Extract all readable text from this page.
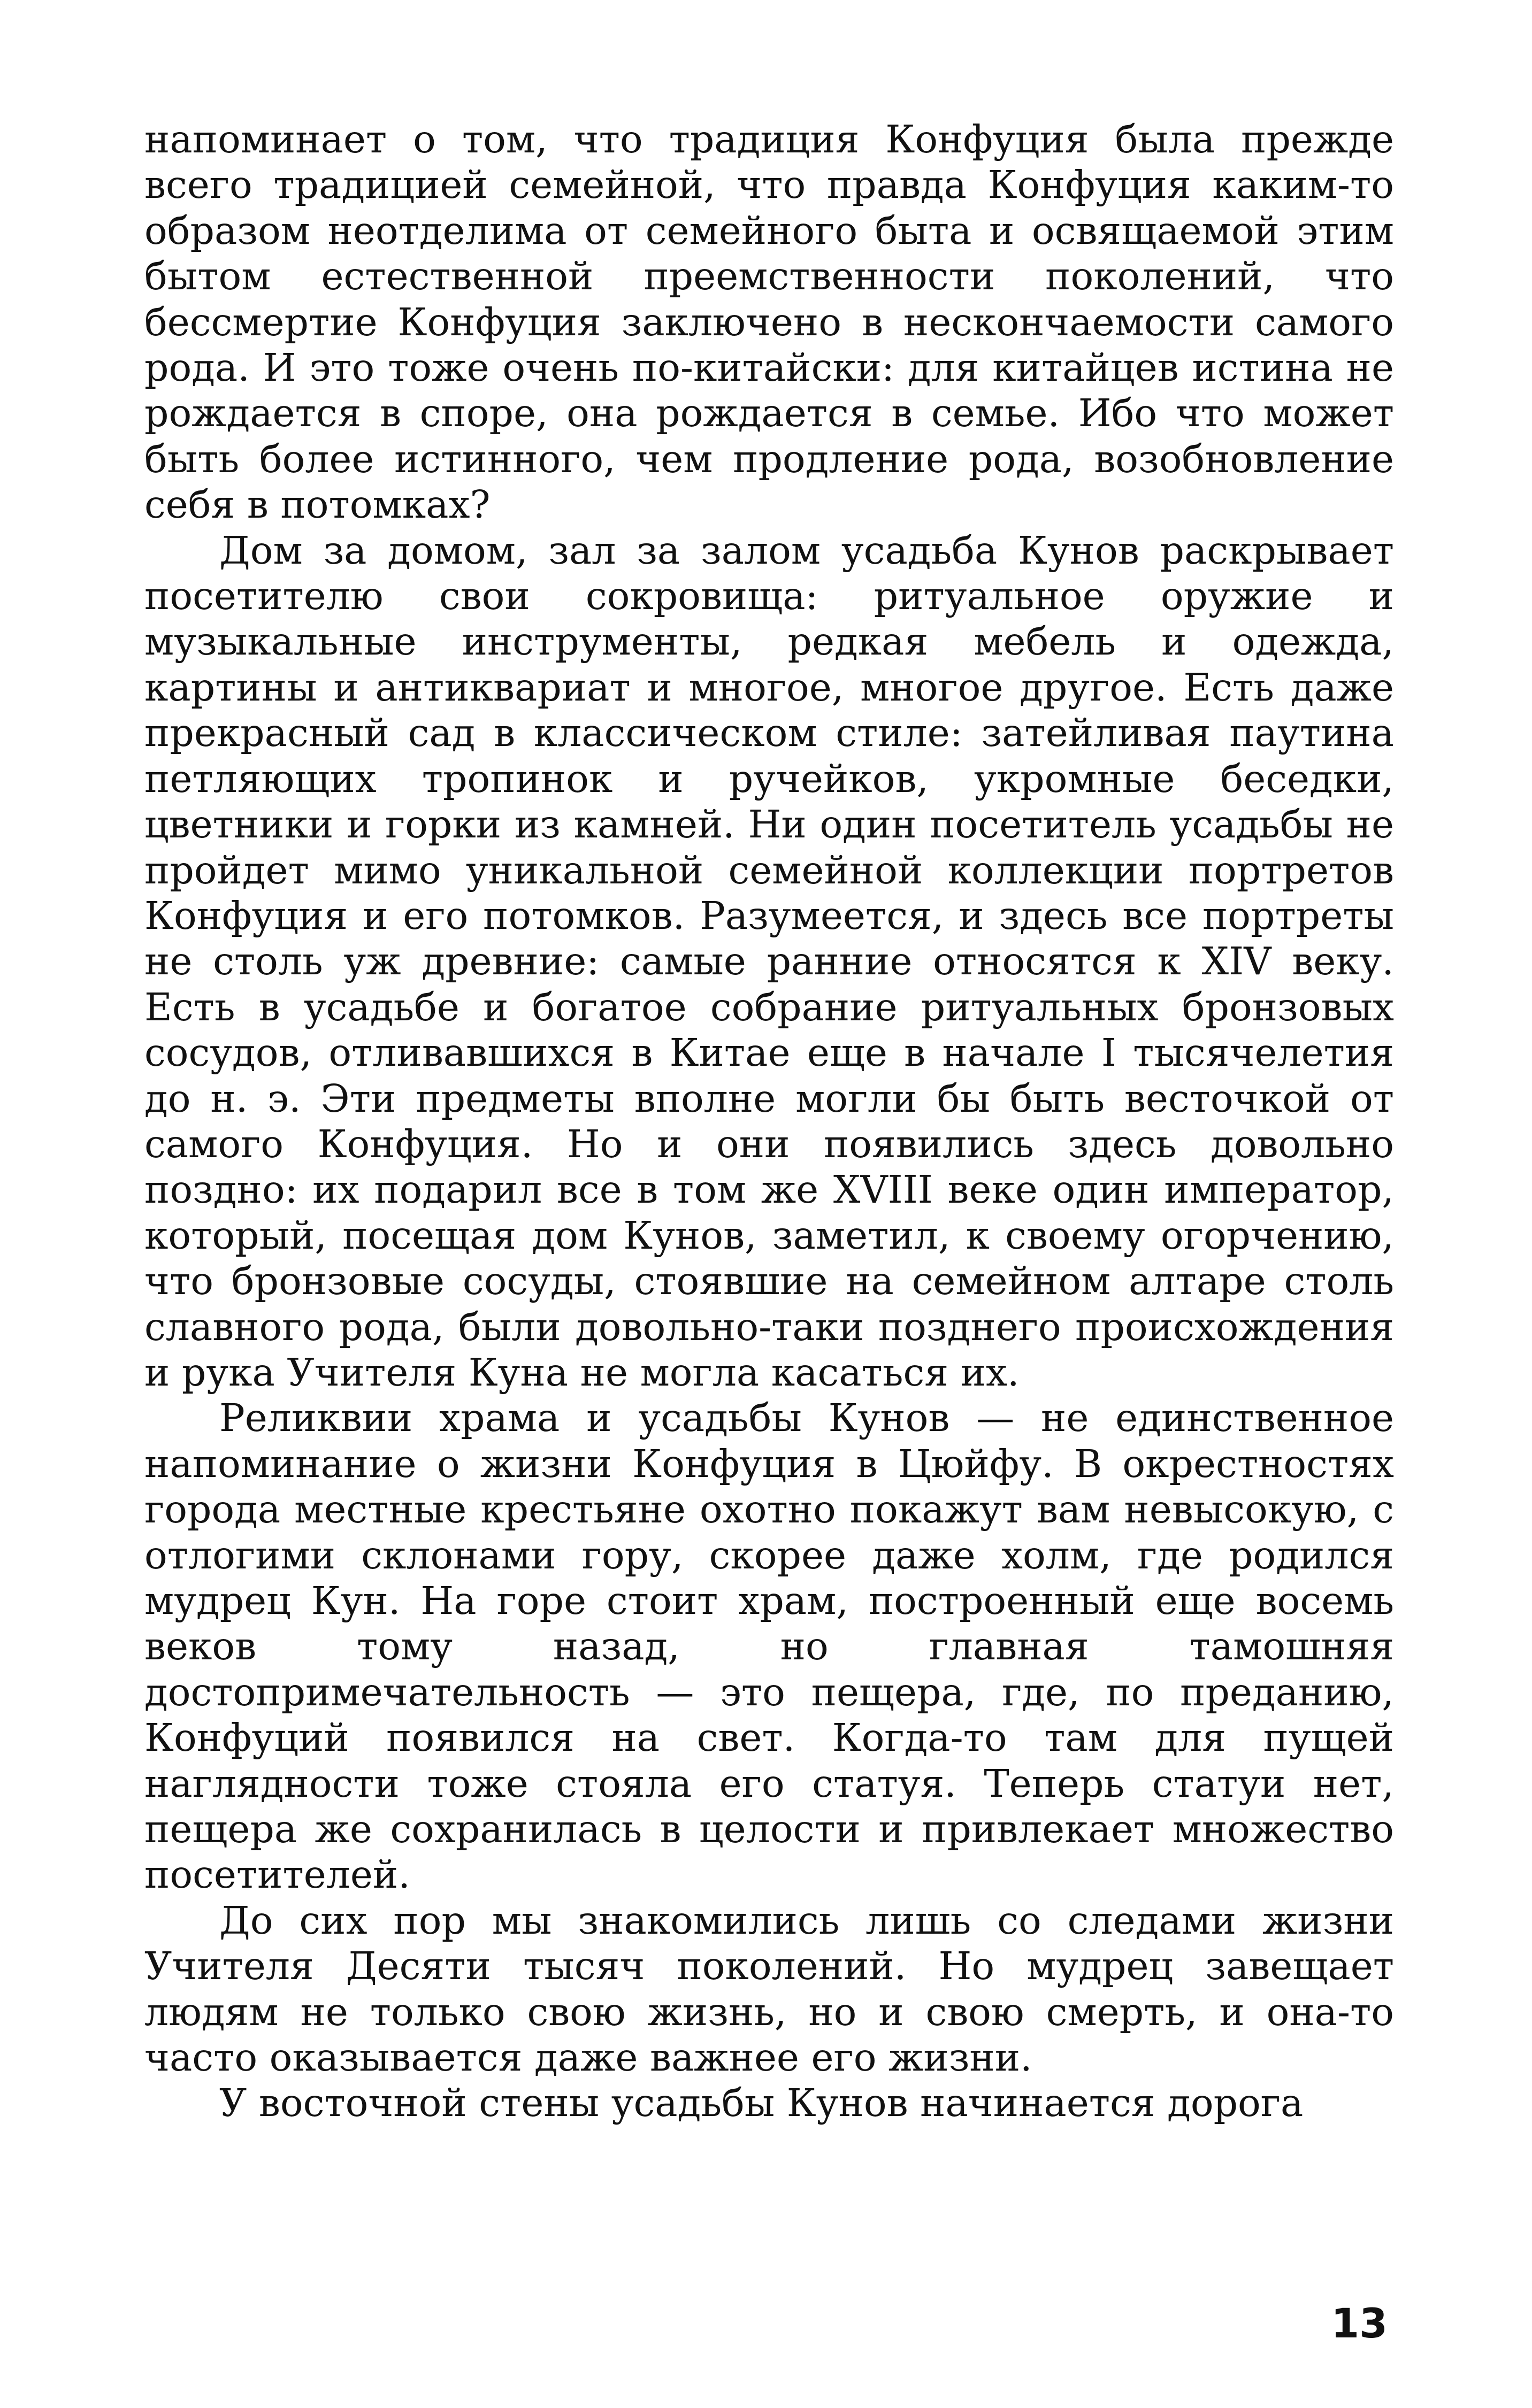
напоминает о том, что традиция Конфуция была прежде всего традицией семейной, что правда Конфуция каким-то образом неотделима от семейного быта и освящаемой этим бытом естественной преемственности поколений, что бессмертие Конфуция заключено в нескончаемости самого рода. И это тоже очень по-китайски: для китайцев истина не рождается в споре, она рождается в семье. Ибо что может быть более истинного, чем продление рода, возобновление себя в потомках?

Дом за домом, зал за залом усадьба Кунов раскрывает посетителю свои сокровища: ритуальное оружие и музыкальные инструменты, редкая мебель и одежда, картины и антиквариат и многое, многое другое. Есть даже прекрасный сад в классическом стиле: затейливая паутина петляющих тропинок и ручейков, укромные беседки, цветники и горки из камней. Ни один посетитель усадьбы не пройдет мимо уникальной семейной коллекции портретов Конфуция и его потомков. Разумеется, и здесь все портреты не столь уж древние: самые ранние относятся к XIV веку. Есть в усадьбе и богатое собрание ритуальных бронзовых сосудов, отливавшихся в Китае еще в начале I тысячелетия до н. э. Эти предметы вполне могли бы быть весточкой от самого Конфуция. Но и они появились здесь довольно поздно: их подарил все в том же XVIII веке один император, который, посещая дом Кунов, заметил, к своему огорчению, что бронзовые сосуды, стоявшие на семейном алтаре столь славного рода, были довольно-таки позднего происхождения и рука Учителя Куна не могла касаться их.

Реликвии храма и усадьбы Кунов — не единственное напоминание о жизни Конфуция в Цюйфу. В окрестностях города местные крестьяне охотно покажут вам невысокую, с отлогими склонами гору, скорее даже холм, где родился мудрец Кун. На горе стоит храм, построенный еще восемь веков тому назад, но главная тамошняя достопримечательность — это пещера, где, по преданию, Конфуций появился на свет. Когда-то там для пущей наглядности тоже стояла его статуя. Теперь статуи нет, пещера же сохранилась в целости и привлекает множество посетителей.

До сих пор мы знакомились лишь со следами жизни Учителя Десяти тысяч поколений. Но мудрец завещает людям не только свою жизнь, но и свою смерть, и она-то часто оказывается даже важнее его жизни.

У восточной стены усадьбы Кунов начинается дорога

13
